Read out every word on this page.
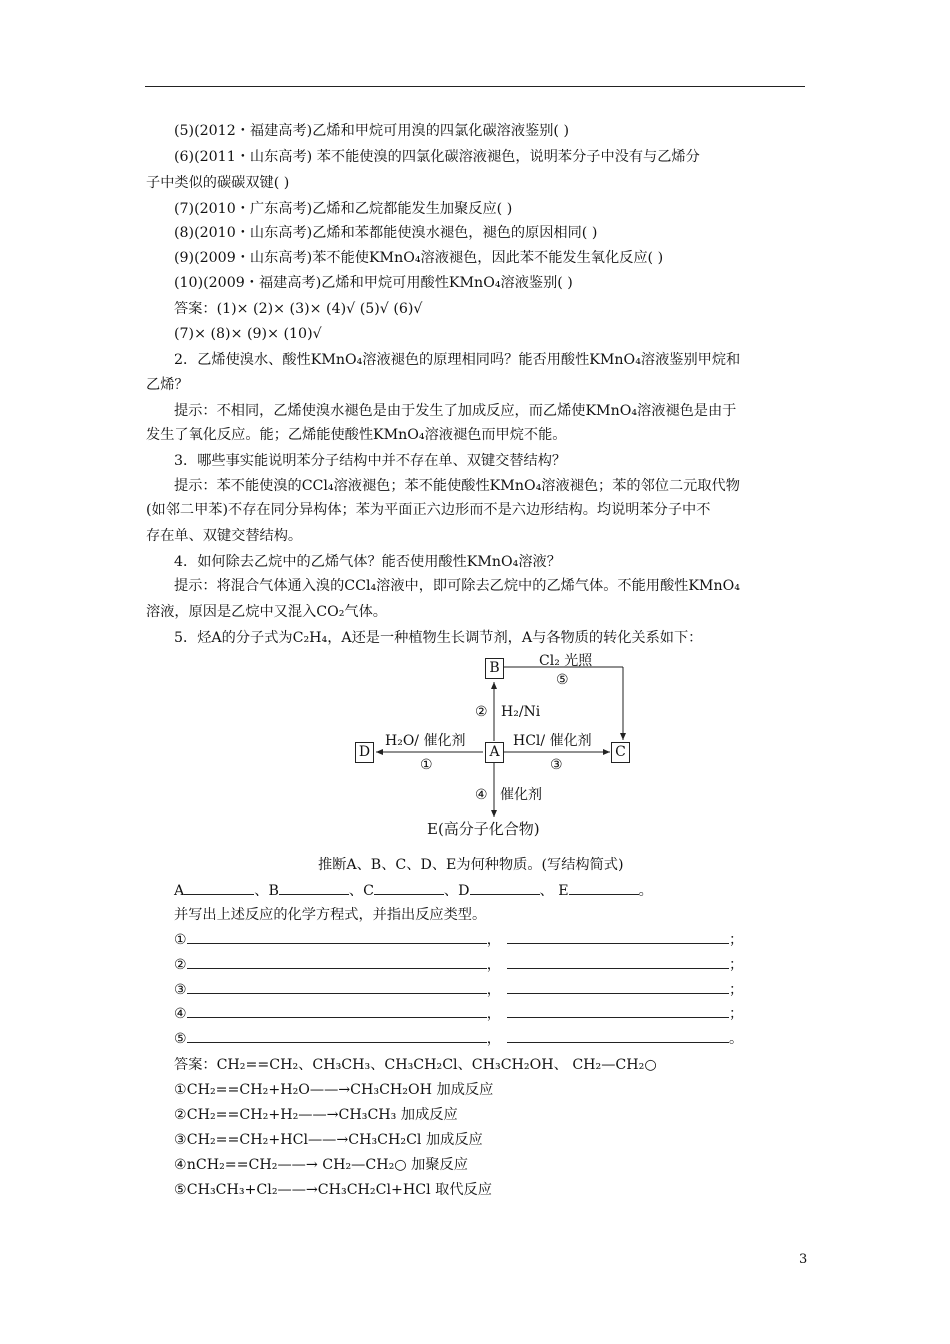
(5)(2012・福建高考)乙烯和甲烷可用溴的四氯化碳溶液鉴别( )
(6)(2011・山东高考) 苯不能使溴的四氯化碳溶液褪色，说明苯分子中没有与乙烯分
子中类似的碳碳双键( )
(7)(2010・广东高考)乙烯和乙烷都能发生加聚反应( )
(8)(2010・山东高考)乙烯和苯都能使溴水褪色，褪色的原因相同( )
(9)(2009・山东高考)苯不能使KMnO₄溶液褪色，因此苯不能发生氧化反应( )
(10)(2009・福建高考)乙烯和甲烷可用酸性KMnO₄溶液鉴别( )
答案：(1)× (2)× (3)× (4)√ (5)√ (6)√
(7)× (8)× (9)× (10)√
2．乙烯使溴水、酸性KMnO₄溶液褪色的原理相同吗？能否用酸性KMnO₄溶液鉴别甲烷和
乙烯？
提示：不相同，乙烯使溴水褪色是由于发生了加成反应，而乙烯使KMnO₄溶液褪色是由于
发生了氧化反应。能；乙烯能使酸性KMnO₄溶液褪色而甲烷不能。
3．哪些事实能说明苯分子结构中并不存在单、双键交替结构？
提示：苯不能使溴的CCl₄溶液褪色；苯不能使酸性KMnO₄溶液褪色；苯的邻位二元取代物
(如邻二甲苯)不存在同分异构体；苯为平面正六边形而不是六边形结构。均说明苯分子中不
存在单、双键交替结构。
4．如何除去乙烷中的乙烯气体？能否使用酸性KMnO₄溶液？
提示：将混合气体通入溴的CCl₄溶液中，即可除去乙烷中的乙烯气体。不能用酸性KMnO₄
溶液，原因是乙烷中又混入CO₂气体。
5．烃A的分子式为C₂H₄，A还是一种植物生长调节剂，A与各物质的转化关系如下：
B
A
D	C
Cl₂ 光照
⑤
② H₂/Ni
H₂O/ 催化剂
①
HCl/ 催化剂
③
④ 催化剂
E(高分子化合物)
推断A、B、C、D、E为何种物质。(写结构简式)
A	、B	、C	、D	、 E	。
并写出上述反应的化学方程式，并指出反应类型。
①	，	；
②	，	；
③	，	；
④	，	；
⑤	，	。
答案：CH₂==CH₂、CH₃CH₃、CH₃CH₂Cl、CH₃CH₂OH、 CH₂—CH₂○
①CH₂==CH₂+H₂O——→CH₃CH₂OH 加成反应
②CH₂==CH₂+H₂——→CH₃CH₃ 加成反应
③CH₂==CH₂+HCl——→CH₃CH₂Cl 加成反应
④nCH₂==CH₂——→ CH₂—CH₂○ 加聚反应
⑤CH₃CH₃+Cl₂——→CH₃CH₂Cl+HCl 取代反应
3
